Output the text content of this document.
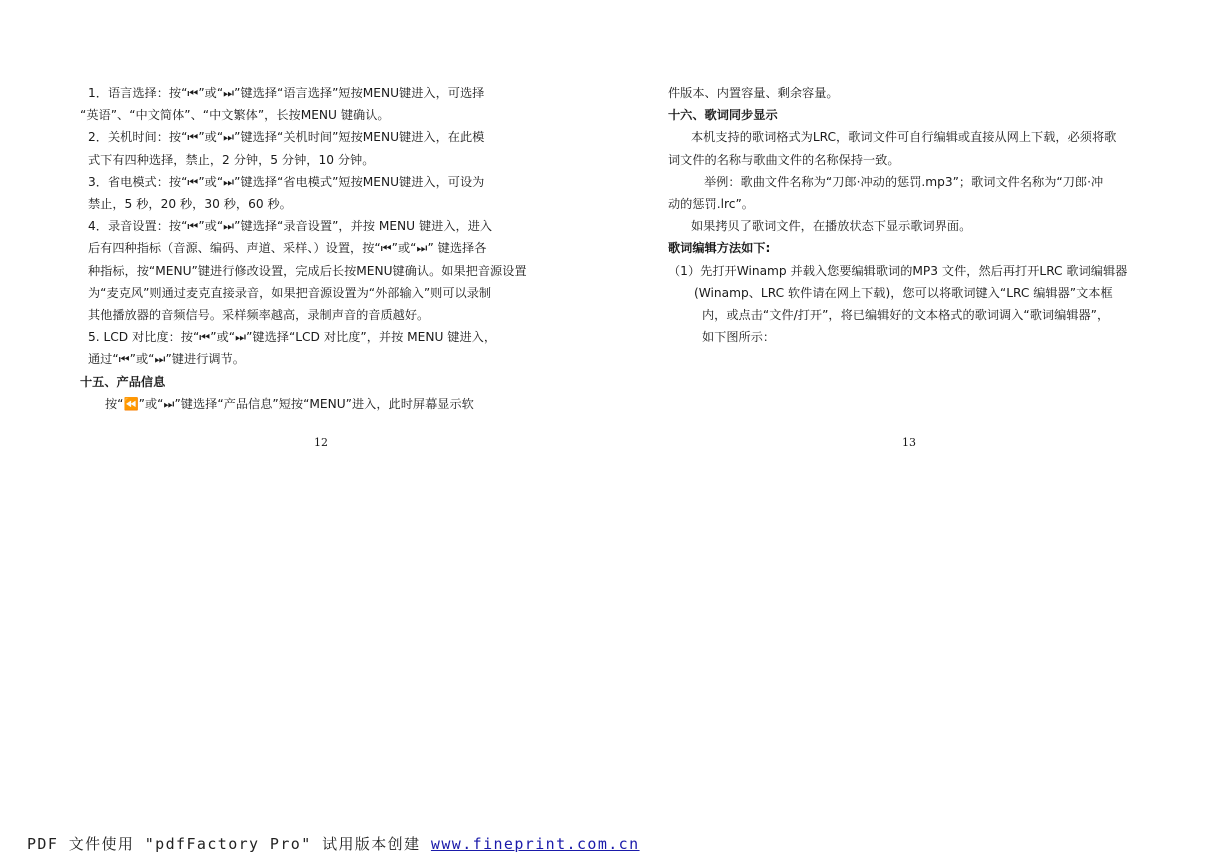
1．语言选择：按“⏮”或“⏭”键选择“语言选择”短按MENU键进入，可选择

“英语”、“中文简体”、“中文繁体”，长按MENU 键确认。

2．关机时间：按“⏮”或“⏭”键选择“关机时间”短按MENU键进入，在此模

式下有四种选择，禁止，2 分钟，5 分钟，10 分钟。

3．省电模式：按“⏮”或“⏭”键选择“省电模式”短按MENU键进入，可设为

禁止，5 秒，20 秒，30 秒，60 秒。

4．录音设置：按“⏮”或“⏭”键选择“录音设置”，并按 MENU 键进入，进入

后有四种指标（音源、编码、声道、采样、）设置，按“⏮”或“⏭” 键选择各

种指标，按“MENU”键进行修改设置，完成后长按MENU键确认。如果把音源设置

为“麦克风”则通过麦克直接录音，如果把音源设置为“外部输入”则可以录制

其他播放器的音频信号。采样频率越高，录制声音的音质越好。

5. LCD 对比度：按“⏮”或“⏭”键选择“LCD 对比度”，并按 MENU 键进入，

通过“⏮”或“⏭”键进行调节。

十五、产品信息

按“⏪”或“⏭”键选择“产品信息”短按“MENU”进入，此时屏幕显示软

12

件版本、内置容量、剩余容量。

十六、歌词同步显示

本机支持的歌词格式为LRC，歌词文件可自行编辑或直接从网上下载，必须将歌

词文件的名称与歌曲文件的名称保持一致。

举例：歌曲文件名称为“刀郎·冲动的惩罚.mp3”；歌词文件名称为“刀郎·冲

动的惩罚.lrc”。

如果拷贝了歌词文件，在播放状态下显示歌词界面。

歌词编辑方法如下:

（1）先打开Winamp 并载入您要编辑歌词的MP3 文件，然后再打开LRC 歌词编辑器

(Winamp、LRC 软件请在网上下载)，您可以将歌词键入“LRC 编辑器”文本框

内，或点击“文件/打开”，将已编辑好的文本格式的歌词调入“歌词编辑器”，

如下图所示：

13
PDF 文件使用 "pdfFactory Pro" 试用版本创建 www.fineprint.com.cn
